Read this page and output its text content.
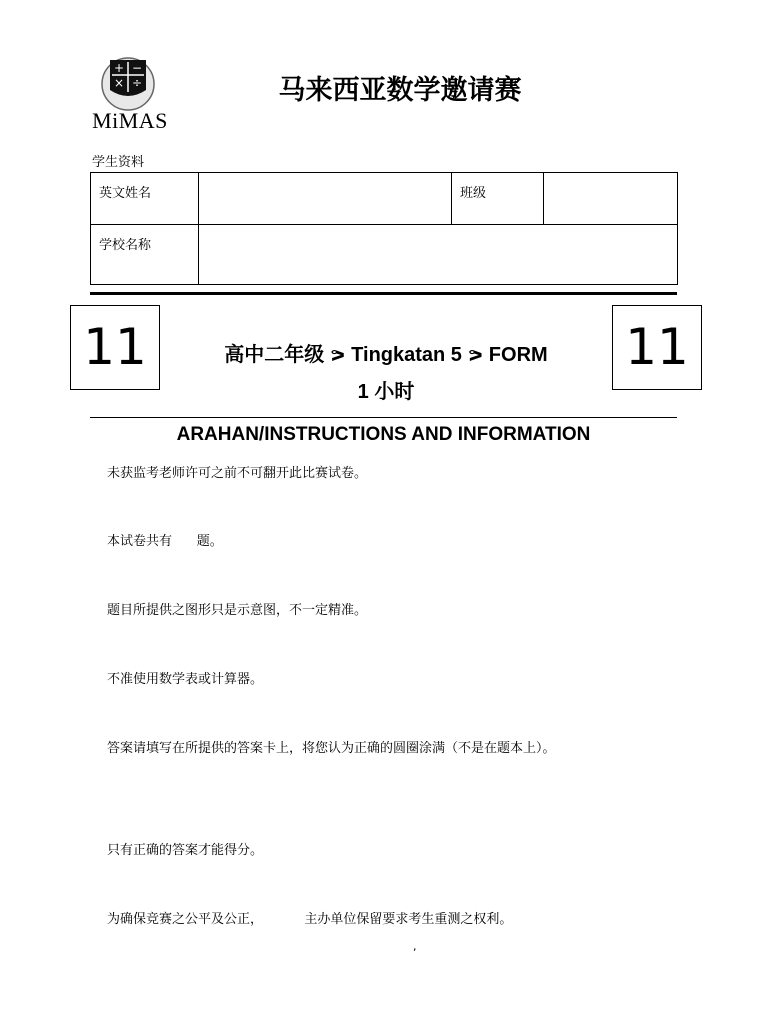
+ −
× ÷
MiMAS
马来西亚数学邀请赛
学生资料
英文姓名		班级	
学校名称			
11	11
高中二年级 ᕗ Tingkatan 5 ᕗ FORM
1 小时
ARAHAN/INSTRUCTIONS AND INFORMATION
未获监考老师许可之前不可翻开此比赛试卷。
本试卷共有      题。
题目所提供之图形只是示意图，不一定精准。
不准使用数学表或计算器。
答案请填写在所提供的答案卡上，将您认为正确的圆圈涂满（不是在题本上）。
只有正确的答案才能得分。
为确保竞赛之公平及公正，          主办单位保留要求考生重测之权利。
,
